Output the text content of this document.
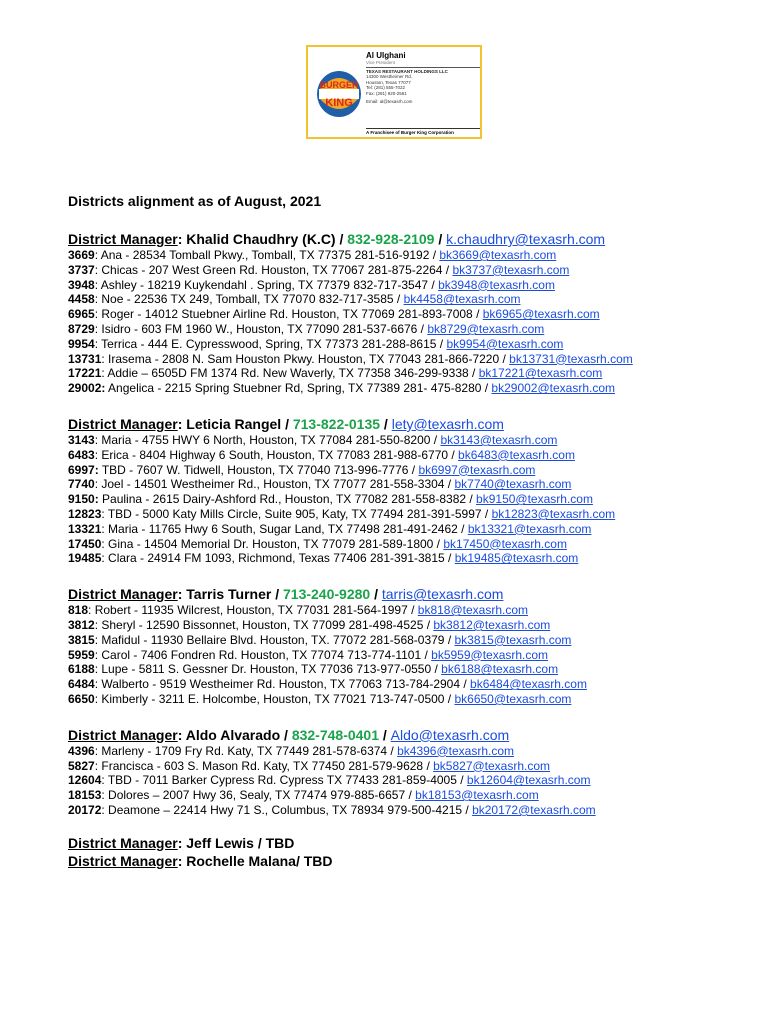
BURGER
KING
Al Ulghani
Vice President
TEXAS RESTAURANT HOLDINGS LLC
14300 Westheimer Rd.
Houston, Texas 77077
Tel: (281) 555-7022
Fax: (281) 920-2561
Email: al@texasrh.com
A Franchisee of Burger King Corporation
Districts alignment as of August, 2021
District Manager: Khalid Chaudhry (K.C) / 832-928-2109 / k.chaudhry@texasrh.com
3669: Ana - 28534 Tomball Pkwy., Tomball, TX 77375 281-516-9192 / bk3669@texasrh.com
3737: Chicas - 207 West Green Rd. Houston, TX 77067 281-875-2264 / bk3737@texasrh.com
3948: Ashley - 18219 Kuykendahl . Spring, TX 77379 832-717-3547 / bk3948@texasrh.com
4458: Noe - 22536 TX 249, Tomball, TX 77070 832-717-3585 / bk4458@texasrh.com
6965: Roger - 14012 Stuebner Airline Rd. Houston, TX 77069 281-893-7008 / bk6965@texasrh.com
8729: Isidro - 603 FM 1960 W., Houston, TX 77090 281-537-6676 / bk8729@texasrh.com
9954: Terrica - 444 E. Cypresswood, Spring, TX 77373 281-288-8615 / bk9954@texasrh.com
13731: Irasema - 2808 N. Sam Houston Pkwy. Houston, TX 77043 281-866-7220 / bk13731@texasrh.com
17221: Addie – 6505D FM 1374 Rd. New Waverly, TX 77358 346-299-9338 / bk17221@texasrh.com
29002: Angelica - 2215 Spring Stuebner Rd, Spring, TX 77389 281- 475-8280 / bk29002@texasrh.com
District Manager: Leticia Rangel / 713-822-0135 / lety@texasrh.com
3143: Maria - 4755 HWY 6 North, Houston, TX 77084 281-550-8200 / bk3143@texasrh.com
6483: Erica - 8404 Highway 6 South, Houston, TX 77083 281-988-6770 / bk6483@texasrh.com
6997: TBD - 7607 W. Tidwell, Houston, TX 77040 713-996-7776 / bk6997@texasrh.com
7740: Joel - 14501 Westheimer Rd., Houston, TX 77077 281-558-3304 / bk7740@texasrh.com
9150: Paulina - 2615 Dairy-Ashford Rd., Houston, TX 77082 281-558-8382 / bk9150@texasrh.com
12823: TBD - 5000 Katy Mills Circle, Suite 905, Katy, TX 77494 281-391-5997 / bk12823@texasrh.com
13321: Maria - 11765 Hwy 6 South, Sugar Land, TX 77498 281-491-2462 / bk13321@texasrh.com
17450: Gina - 14504 Memorial Dr. Houston, TX 77079 281-589-1800 / bk17450@texasrh.com
19485: Clara - 24914 FM 1093, Richmond, Texas 77406 281-391-3815 / bk19485@texasrh.com
District Manager: Tarris Turner / 713-240-9280 / tarris@texasrh.com
818: Robert - 11935 Wilcrest, Houston, TX 77031 281-564-1997 / bk818@texasrh.com
3812: Sheryl - 12590 Bissonnet, Houston, TX 77099 281-498-4525 / bk3812@texasrh.com
3815: Mafidul - 11930 Bellaire Blvd. Houston, TX. 77072 281-568-0379 / bk3815@texasrh.com
5959: Carol - 7406 Fondren Rd. Houston, TX 77074 713-774-1101 / bk5959@texasrh.com
6188: Lupe - 5811 S. Gessner Dr. Houston, TX 77036 713-977-0550 / bk6188@texasrh.com
6484: Walberto - 9519 Westheimer Rd. Houston, TX 77063 713-784-2904 / bk6484@texasrh.com
6650: Kimberly - 3211 E. Holcombe, Houston, TX 77021 713-747-0500 / bk6650@texasrh.com
District Manager: Aldo Alvarado / 832-748-0401 / Aldo@texasrh.com
4396: Marleny - 1709 Fry Rd. Katy, TX 77449 281-578-6374 / bk4396@texasrh.com
5827: Francisca - 603 S. Mason Rd. Katy, TX 77450 281-579-9628 / bk5827@texasrh.com
12604: TBD - 7011 Barker Cypress Rd. Cypress TX 77433 281-859-4005 / bk12604@texasrh.com
18153: Dolores – 2007 Hwy 36, Sealy, TX 77474 979-885-6657 / bk18153@texasrh.com
20172: Deamone – 22414 Hwy 71 S., Columbus, TX 78934 979-500-4215 / bk20172@texasrh.com
District Manager: Jeff Lewis / TBD
District Manager: Rochelle Malana/ TBD
